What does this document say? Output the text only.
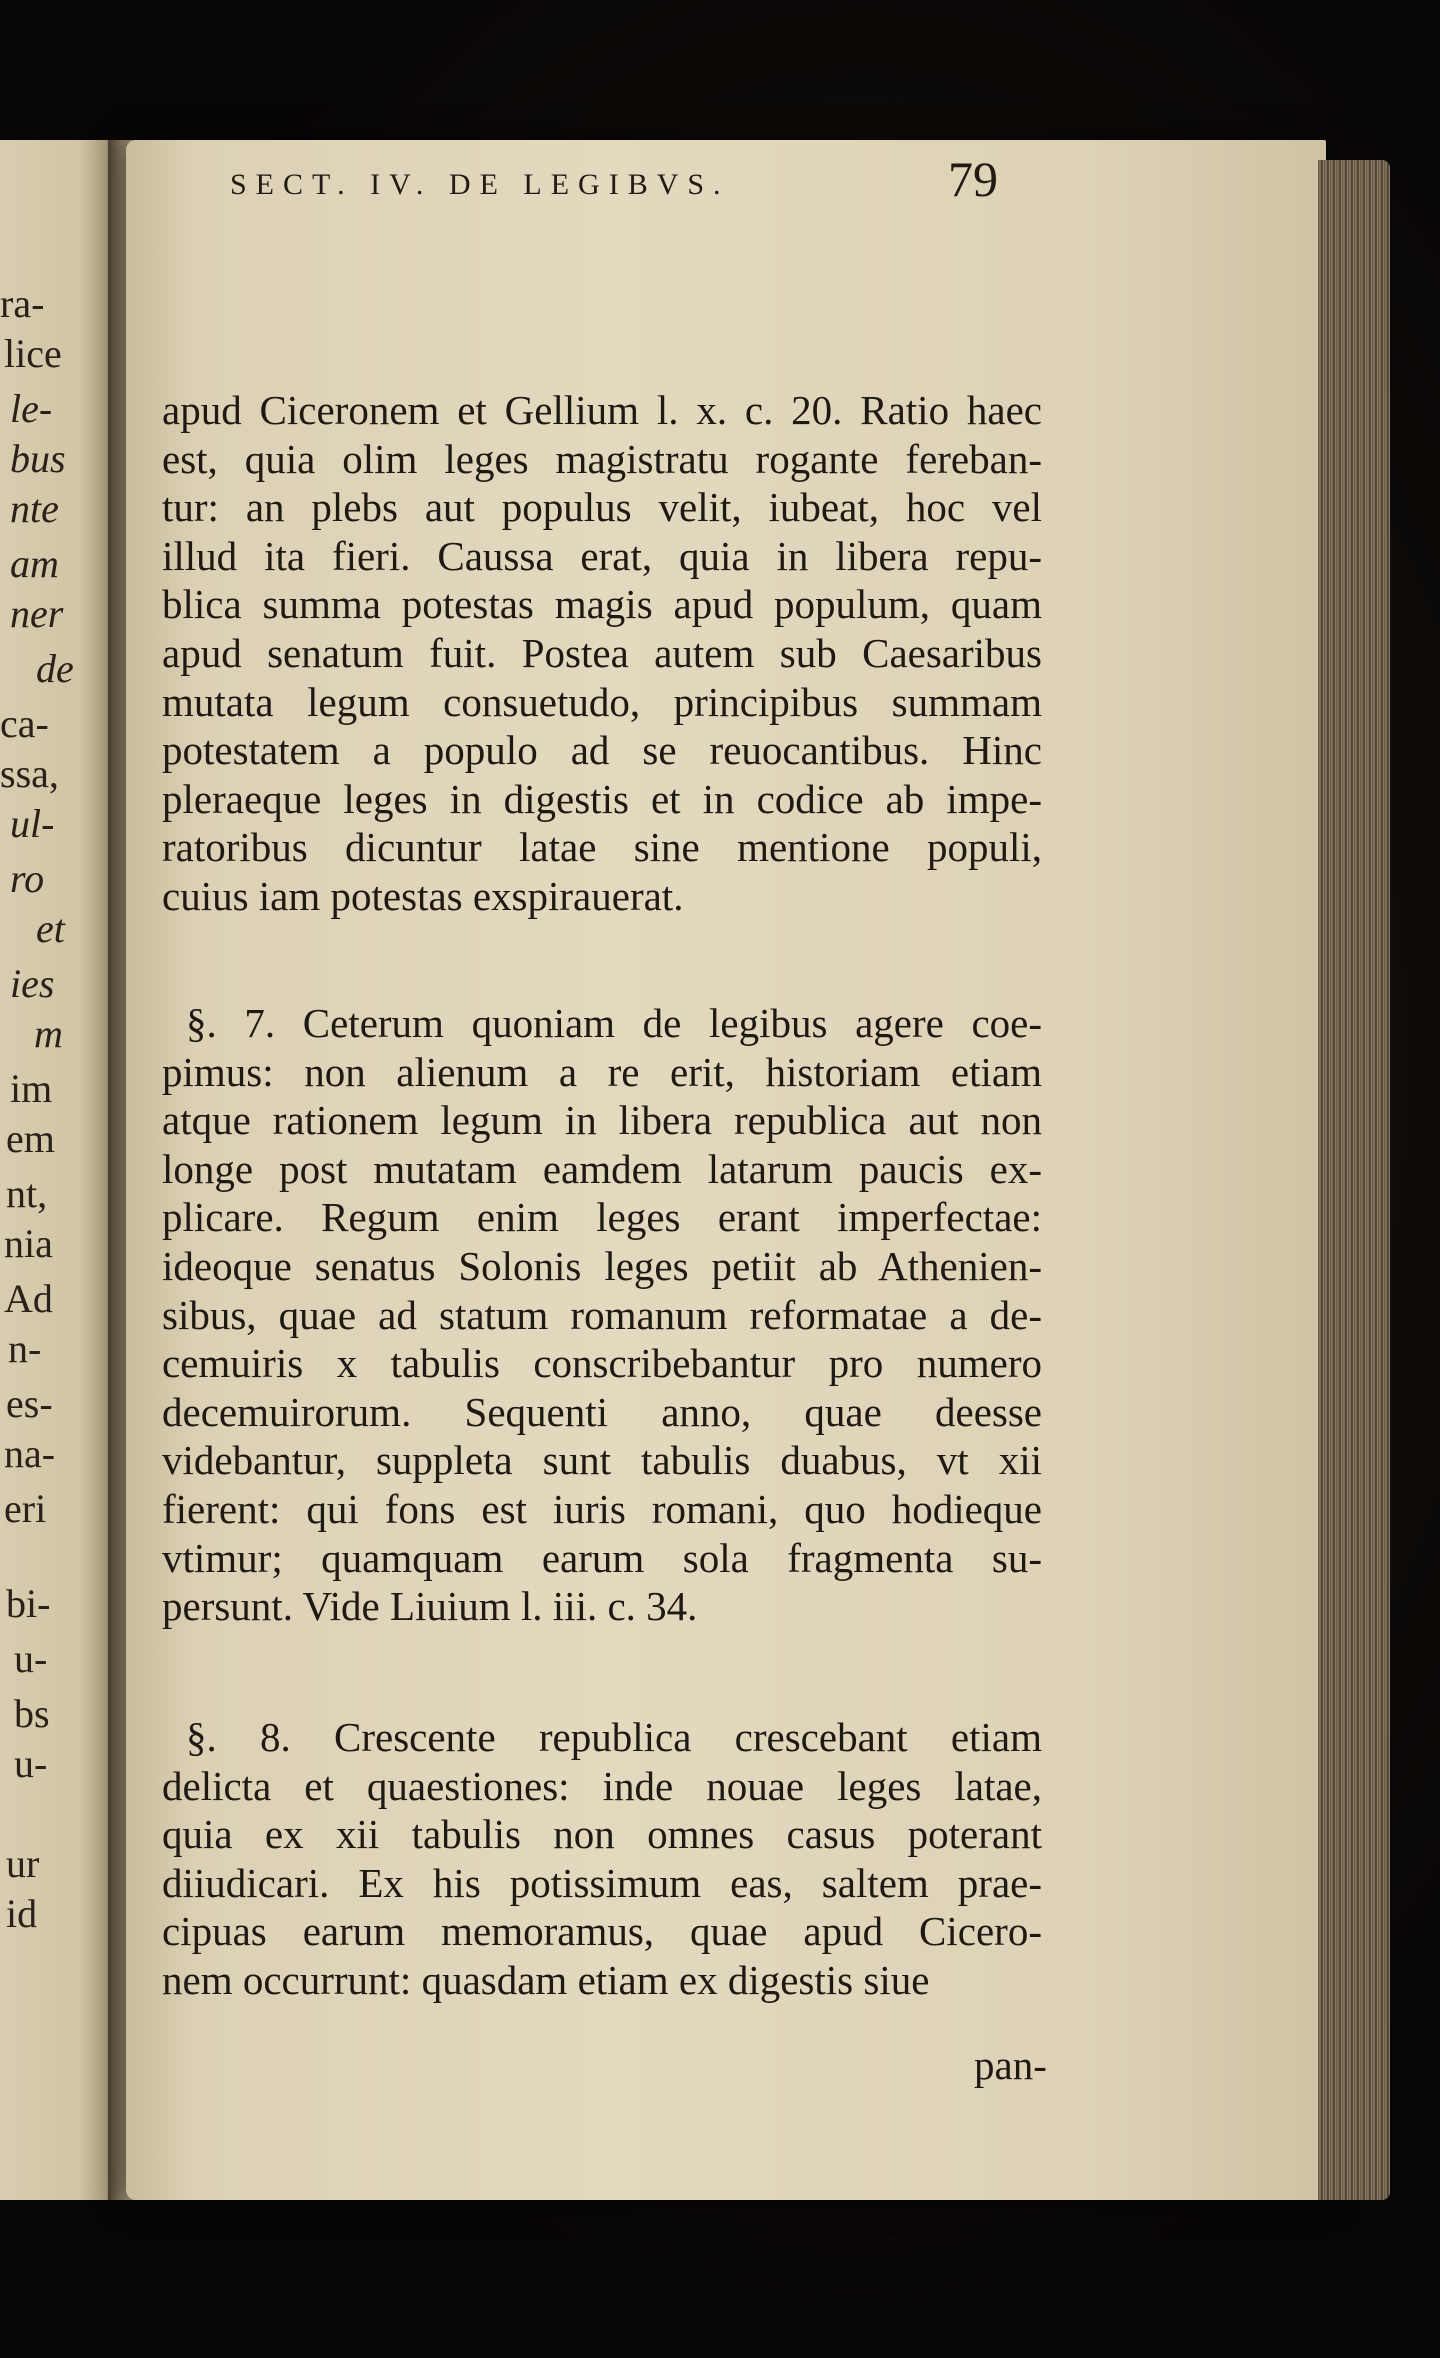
ra-
lice
le-
bus
nte
am
ner
de
ca-
ssa,
ul-
ro
et
ies
m
im
em
nt,
nia
Ad
n-
es-
na-
eri
bi-
u-
bs
u-
ur
id
SECT. IV. DE LEGIBVS.	79
apud Ciceronem et Gellium l. x. c. 20. Ratio haec
est, quia olim leges magistratu rogante fereban-
tur: an plebs aut populus velit, iubeat, hoc vel
illud ita fieri. Caussa erat, quia in libera repu-
blica summa potestas magis apud populum, quam
apud senatum fuit. Postea autem sub Caesaribus
mutata legum consuetudo, principibus summam
potestatem a populo ad se reuocantibus. Hinc
pleraeque leges in digestis et in codice ab impe-
ratoribus dicuntur latae sine mentione populi,
cuius iam potestas exspirauerat.
§. 7. Ceterum quoniam de legibus agere coe-
pimus: non alienum a re erit, historiam etiam
atque rationem legum in libera republica aut non
longe post mutatam eamdem latarum paucis ex-
plicare. Regum enim leges erant imperfectae:
ideoque senatus Solonis leges petiit ab Athenien-
sibus, quae ad statum romanum reformatae a de-
cemuiris x tabulis conscribebantur pro numero
decemuirorum. Sequenti anno, quae deesse
videbantur, suppleta sunt tabulis duabus, vt xii
fierent: qui fons est iuris romani, quo hodieque
vtimur; quamquam earum sola fragmenta su-
persunt. Vide Liuium l. iii. c. 34.
§. 8. Crescente republica crescebant etiam
delicta et quaestiones: inde nouae leges latae,
quia ex xii tabulis non omnes casus poterant
diiudicari. Ex his potissimum eas, saltem prae-
cipuas earum memoramus, quae apud Cicero-
nem occurrunt: quasdam etiam ex digestis siue
pan-
